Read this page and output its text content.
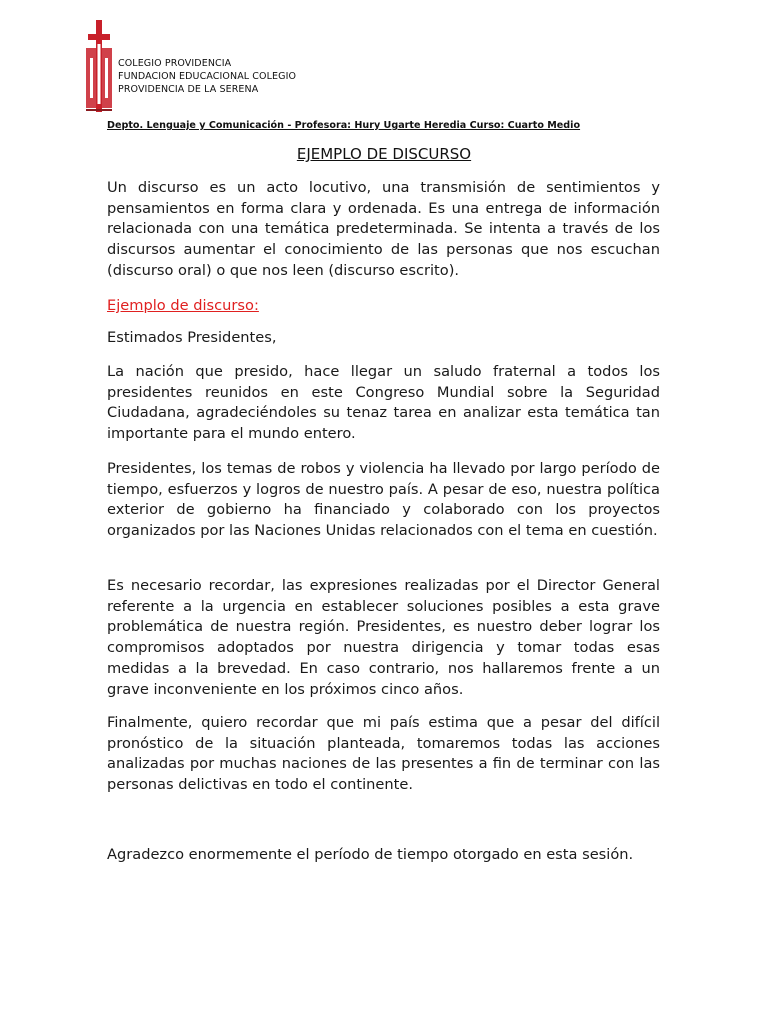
COLEGIO PROVIDENCIA
FUNDACION EDUCACIONAL COLEGIO
PROVIDENCIA DE LA SERENA
Depto. Lenguaje y Comunicación - Profesora: Hury Ugarte Heredia Curso: Cuarto Medio
EJEMPLO DE DISCURSO
Un discurso es un acto locutivo, una transmisión de sentimientos y pensamientos en forma clara y ordenada. Es una entrega de información relacionada con una temática predeterminada. Se intenta a través de los discursos aumentar el conocimiento de las personas que nos escuchan (discurso oral) o que nos leen (discurso escrito).
Ejemplo de discurso:
Estimados Presidentes,
La nación que presido, hace llegar un saludo fraternal a todos los presidentes reunidos en este Congreso Mundial sobre la Seguridad Ciudadana, agradeciéndoles su tenaz tarea en analizar esta temática tan importante para el mundo entero.
Presidentes, los temas de robos y violencia ha llevado por largo período de tiempo, esfuerzos y logros de nuestro país. A pesar de eso, nuestra política exterior de gobierno ha financiado y colaborado con los proyectos organizados por las Naciones Unidas relacionados con el tema en cuestión.
Es necesario recordar, las expresiones realizadas por el Director General referente a la urgencia en establecer soluciones posibles a esta grave problemática de nuestra región. Presidentes, es nuestro deber lograr los compromisos adoptados por nuestra dirigencia y tomar todas esas medidas a la brevedad. En caso contrario, nos hallaremos frente a un grave inconveniente en los próximos cinco años.
Finalmente, quiero recordar que mi país estima que a pesar del difícil pronóstico de la situación planteada, tomaremos todas las acciones analizadas por muchas naciones de las presentes a fin de terminar con las personas delictivas en todo el continente.
Agradezco enormemente el período de tiempo otorgado en esta sesión.
